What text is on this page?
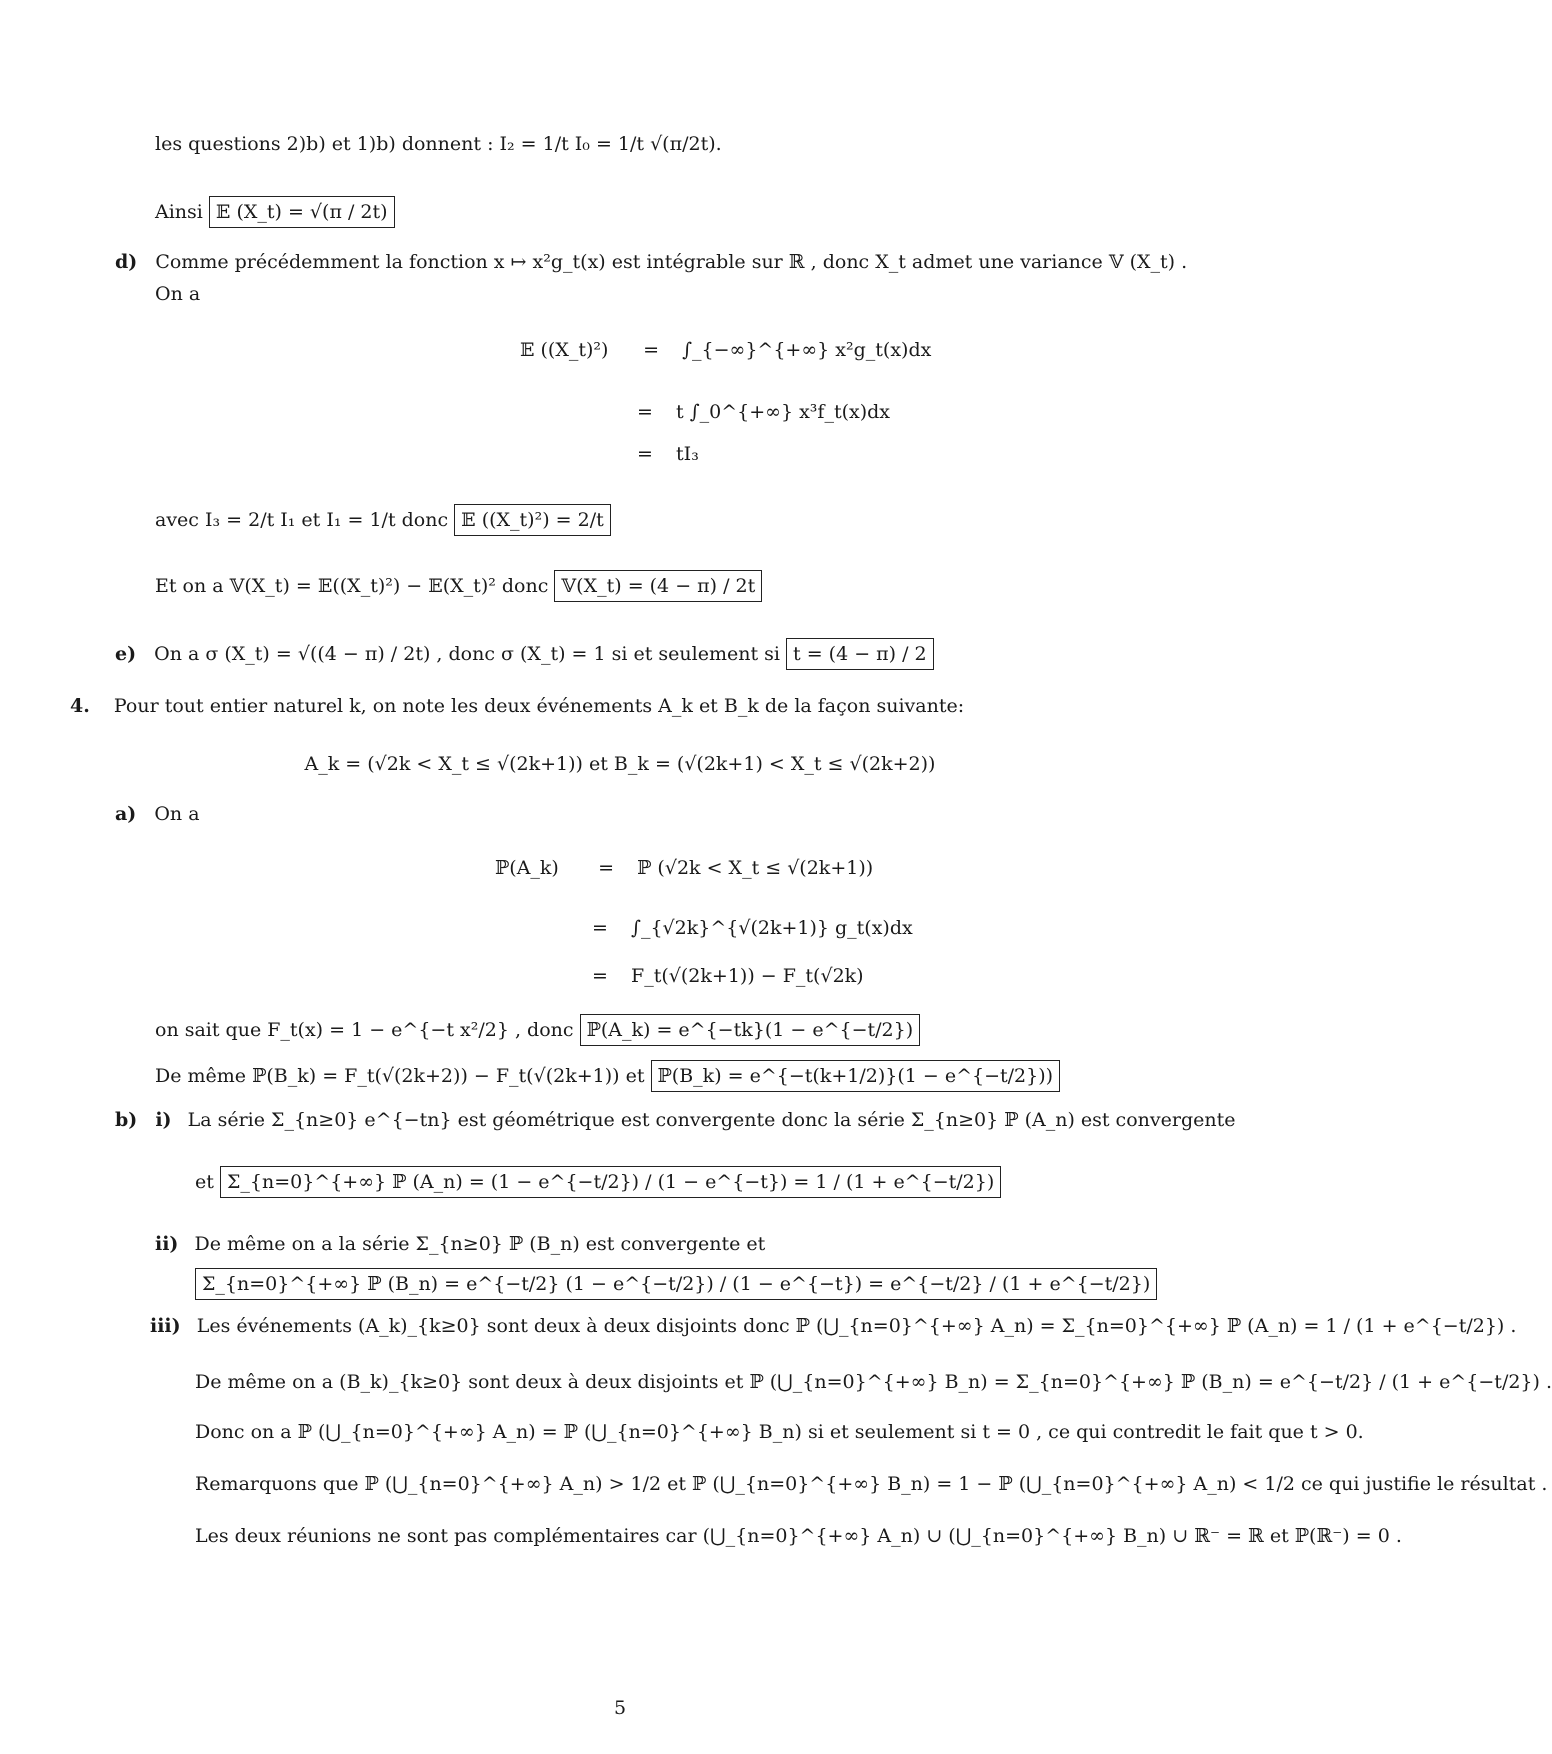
les questions 2)b) et 1)b) donnent : I₂ = 1/t I₀ = 1/t √(π/2t).
Ainsi 𝔼 (X_t) = √(π / 2t)
d) Comme précédemment la fonction x ↦ x²g_t(x) est intégrable sur ℝ , donc X_t admet une variance 𝕍 (X_t) .
On a
𝔼 ((X_t)²) = ∫_{−∞}^{+∞} x²g_t(x)dx
= t ∫_0^{+∞} x³f_t(x)dx
= tI₃
avec I₃ = 2/t I₁ et I₁ = 1/t donc 𝔼 ((X_t)²) = 2/t
Et on a 𝕍(X_t) = 𝔼((X_t)²) − 𝔼(X_t)² donc 𝕍(X_t) = (4 − π) / 2t
e) On a σ (X_t) = √((4 − π) / 2t) , donc σ (X_t) = 1 si et seulement si t = (4 − π) / 2
4. Pour tout entier naturel k, on note les deux événements A_k et B_k de la façon suivante:
A_k = (√2k < X_t ≤ √(2k+1)) et B_k = (√(2k+1) < X_t ≤ √(2k+2))
a) On a
ℙ(A_k) = ℙ (√2k < X_t ≤ √(2k+1))
= ∫_{√2k}^{√(2k+1)} g_t(x)dx
= F_t(√(2k+1)) − F_t(√2k)
on sait que F_t(x) = 1 − e^{−t x²/2} , donc ℙ(A_k) = e^{−tk}(1 − e^{−t/2})
De même ℙ(B_k) = F_t(√(2k+2)) − F_t(√(2k+1)) et ℙ(B_k) = e^{−t(k+1/2)}(1 − e^{−t/2}))
b) i) La série Σ_{n≥0} e^{−tn} est géométrique est convergente donc la série Σ_{n≥0} ℙ (A_n) est convergente
et Σ_{n=0}^{+∞} ℙ (A_n) = (1 − e^{−t/2}) / (1 − e^{−t}) = 1 / (1 + e^{−t/2})
ii) De même on a la série Σ_{n≥0} ℙ (B_n) est convergente et
Σ_{n=0}^{+∞} ℙ (B_n) = e^{−t/2} (1 − e^{−t/2}) / (1 − e^{−t}) = e^{−t/2} / (1 + e^{−t/2})
iii) Les événements (A_k)_{k≥0} sont deux à deux disjoints donc ℙ (⋃_{n=0}^{+∞} A_n) = Σ_{n=0}^{+∞} ℙ (A_n) = 1 / (1 + e^{−t/2}) .
De même on a (B_k)_{k≥0} sont deux à deux disjoints et ℙ (⋃_{n=0}^{+∞} B_n) = Σ_{n=0}^{+∞} ℙ (B_n) = e^{−t/2} / (1 + e^{−t/2}) .
Donc on a ℙ (⋃_{n=0}^{+∞} A_n) = ℙ (⋃_{n=0}^{+∞} B_n) si et seulement si t = 0 , ce qui contredit le fait que t > 0.
Remarquons que ℙ (⋃_{n=0}^{+∞} A_n) > 1/2 et ℙ (⋃_{n=0}^{+∞} B_n) = 1 − ℙ (⋃_{n=0}^{+∞} A_n) < 1/2 ce qui justifie le résultat .
Les deux réunions ne sont pas complémentaires car (⋃_{n=0}^{+∞} A_n) ∪ (⋃_{n=0}^{+∞} B_n) ∪ ℝ⁻ = ℝ et ℙ(ℝ⁻) = 0 .
5
